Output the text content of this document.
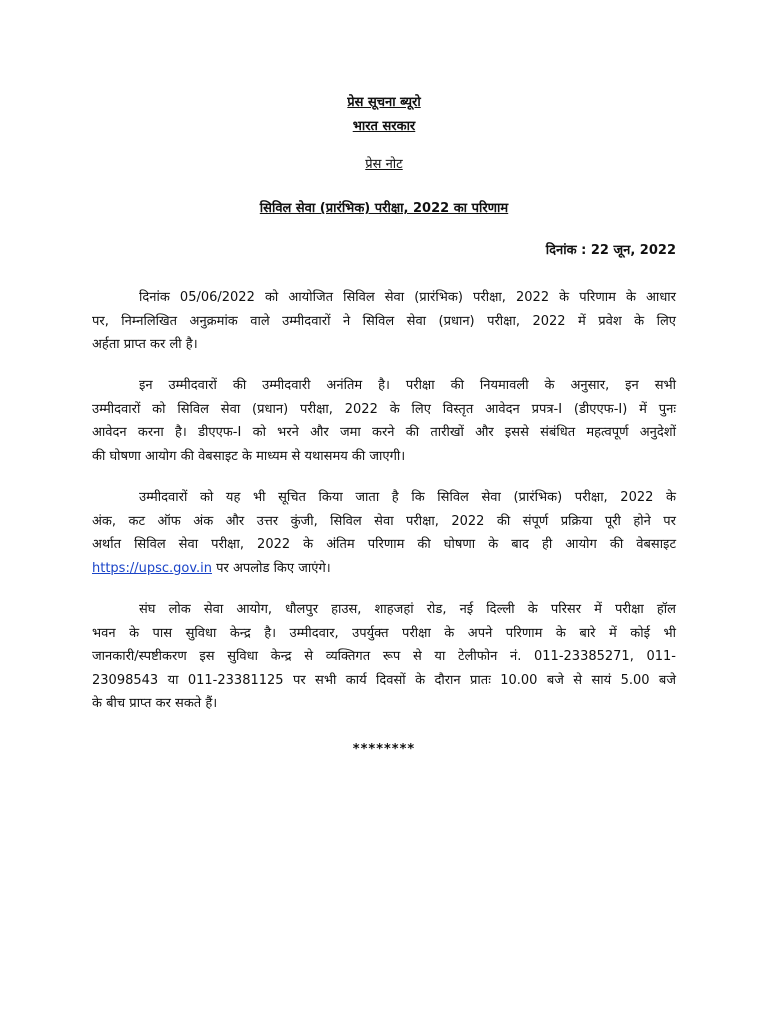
प्रेस सूचना ब्यूरो
भारत सरकार
प्रेस नोट
सिविल सेवा (प्रारंभिक) परीक्षा, 2022 का परिणाम
दिनांक : 22 जून, 2022
दिनांक 05/06/2022 को आयोजित सिविल सेवा (प्रारंभिक) परीक्षा, 2022 के परिणाम के आधार
पर, निम्नलिखित अनुक्रमांक वाले उम्मीदवारों ने सिविल सेवा (प्रधान) परीक्षा, 2022 में प्रवेश के लिए
अर्हता प्राप्त कर ली है।
इन उम्मीदवारों की उम्मीदवारी अनंतिम है। परीक्षा की नियमावली के अनुसार, इन सभी
उम्मीदवारों को सिविल सेवा (प्रधान) परीक्षा, 2022 के लिए विस्तृत आवेदन प्रपत्र-I (डीएएफ-I) में पुनः
आवेदन करना है। डीएएफ-I को भरने और जमा करने की तारीखों और इससे संबंधित महत्वपूर्ण अनुदेशों
की घोषणा आयोग की वेबसाइट के माध्यम से यथासमय की जाएगी।
उम्मीदवारों को यह भी सूचित किया जाता है कि सिविल सेवा (प्रारंभिक) परीक्षा, 2022 के
अंक, कट ऑफ अंक और उत्तर कुंजी, सिविल सेवा परीक्षा, 2022 की संपूर्ण प्रक्रिया पूरी होने पर
अर्थात सिविल सेवा परीक्षा, 2022 के अंतिम परिणाम की घोषणा के बाद ही आयोग की वेबसाइट
https://upsc.gov.in पर अपलोड किए जाएंगे।
संघ लोक सेवा आयोग, धौलपुर हाउस, शाहजहां रोड, नई दिल्ली के परिसर में परीक्षा हॉल
भवन के पास सुविधा केन्द्र है। उम्मीदवार, उपर्युक्त परीक्षा के अपने परिणाम के बारे में कोई भी
जानकारी/स्पष्टीकरण इस सुविधा केन्द्र से व्यक्तिगत रूप से या टेलीफोन नं. 011-23385271, 011-
23098543 या 011-23381125 पर सभी कार्य दिवसों के दौरान प्रातः 10.00 बजे से सायं 5.00 बजे
के बीच प्राप्त कर सकते हैं।
********
